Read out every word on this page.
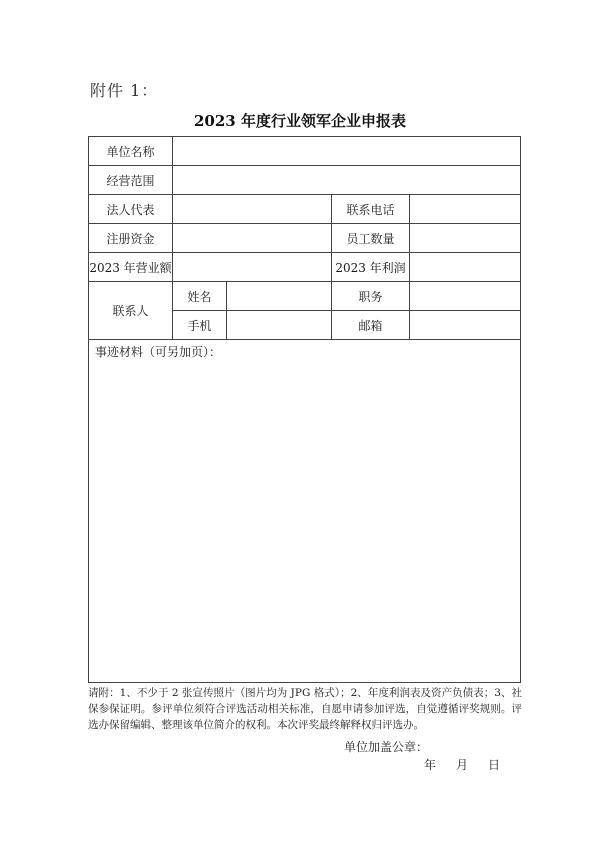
附件 1：
2023 年度行业领军企业申报表
单位名称				
经营范围				
法人代表			联系电话	
注册资金			员工数量	
2023 年营业额			2023 年利润	
联系人	姓名		职务	
	手机		邮箱	
事迹材料（可另加页）：				
请附：1、不少于 2 张宣传照片（图片均为 JPG 格式）；2、年度利润表及资产负债表；3、社保参保证明。参评单位须符合评选活动相关标准，自愿申请参加评选，自觉遵循评奖规则。评选办保留编辑、整理该单位简介的权利。本次评奖最终解释权归评选办。
单位加盖公章：
年 月 日
